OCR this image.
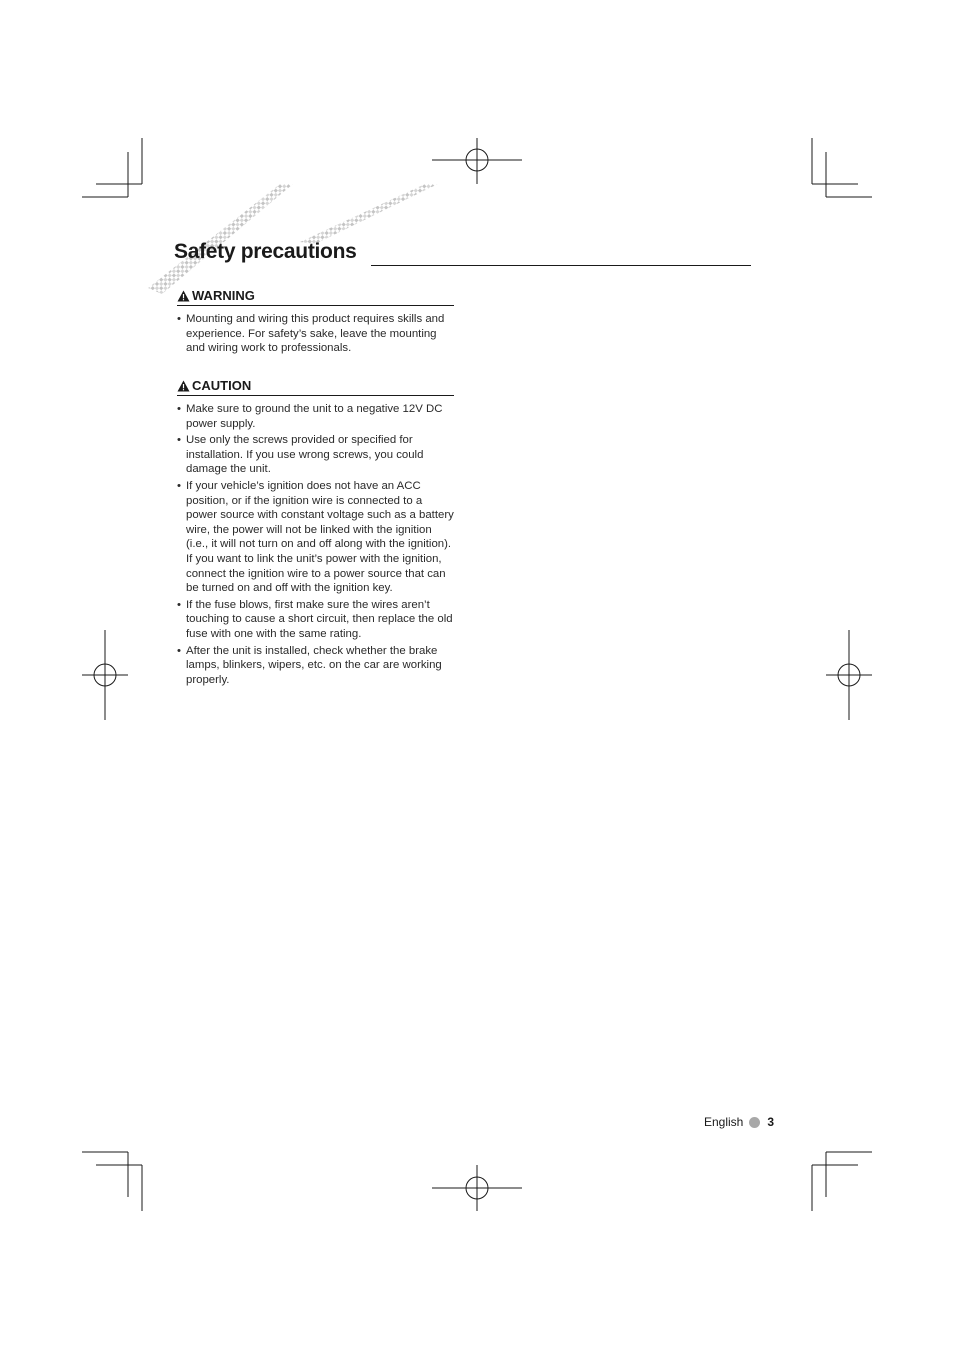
Safety precautions
WARNING
• Mounting and wiring this product requires skills and experience. For safety’s sake, leave the mounting and wiring work to professionals.
CAUTION
• Make sure to ground the unit to a negative 12V DC power supply.
• Use only the screws provided or specified for installation. If you use wrong screws, you could damage the unit.
• If your vehicle’s ignition does not have an ACC position, or if the ignition wire is connected to a power source with constant voltage such as a battery wire, the power will not be linked with the ignition (i.e., it will not turn on and off along with the ignition). If you want to link the unit’s power with the ignition, connect the ignition wire to a power source that can be turned on and off with the ignition key.
• If the fuse blows, first make sure the wires aren’t touching to cause a short circuit, then replace the old fuse with one with the same rating.
• After the unit is installed, check whether the brake lamps, blinkers, wipers, etc. on the car are working properly.
English 3
